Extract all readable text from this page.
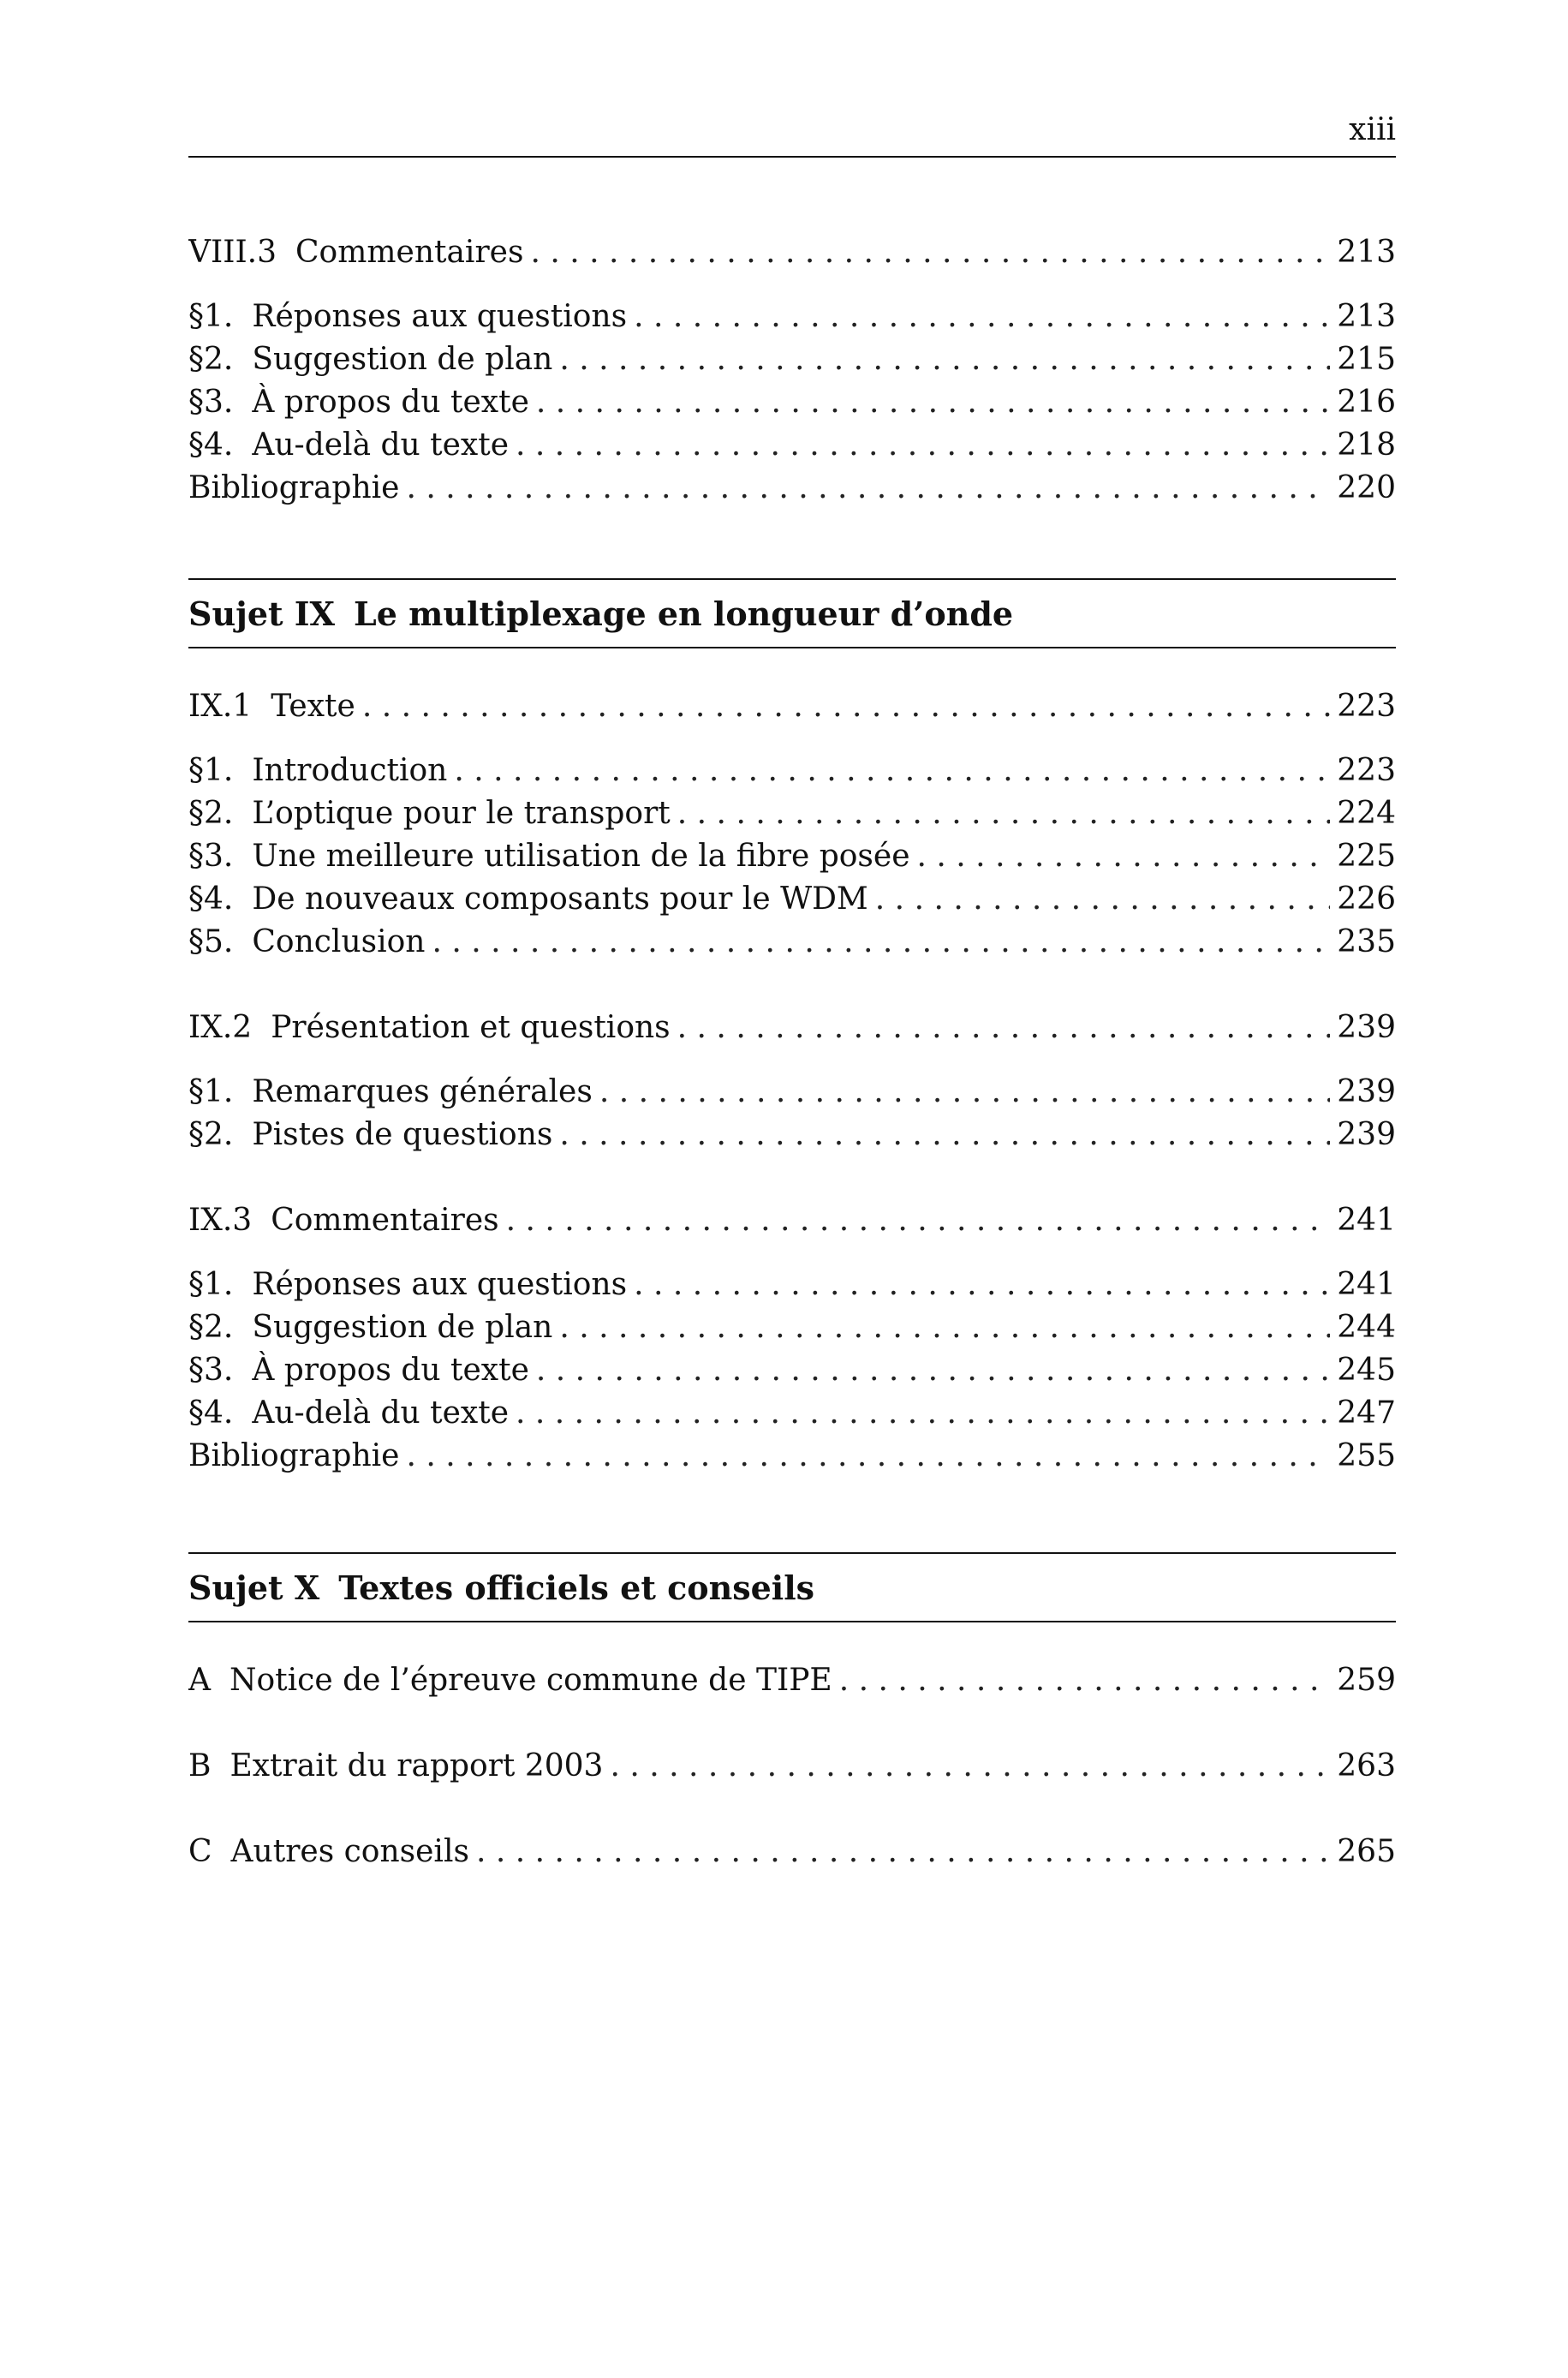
xiii
VIII.3 Commentaires . . .	213
§1. Réponses aux questions . . .	213
§2. Suggestion de plan . . .	215
§3. À propos du texte . . .	216
§4. Au-delà du texte . . .	218
Bibliographie . . .	220
Sujet IX Le multiplexage en longueur d’onde
IX.1 Texte . . .	223
§1. Introduction . . .	223
§2. L’optique pour le transport . . .	224
§3. Une meilleure utilisation de la fibre posée . . .	225
§4. De nouveaux composants pour le WDM . . .	226
§5. Conclusion . . .	235
IX.2 Présentation et questions . . .	239
§1. Remarques générales . . .	239
§2. Pistes de questions . . .	239
IX.3 Commentaires . . .	241
§1. Réponses aux questions . . .	241
§2. Suggestion de plan . . .	244
§3. À propos du texte . . .	245
§4. Au-delà du texte . . .	247
Bibliographie . . .	255
Sujet X Textes officiels et conseils
A Notice de l’épreuve commune de TIPE . . .	259
B Extrait du rapport 2003 . . .	263
C Autres conseils . . .	265
